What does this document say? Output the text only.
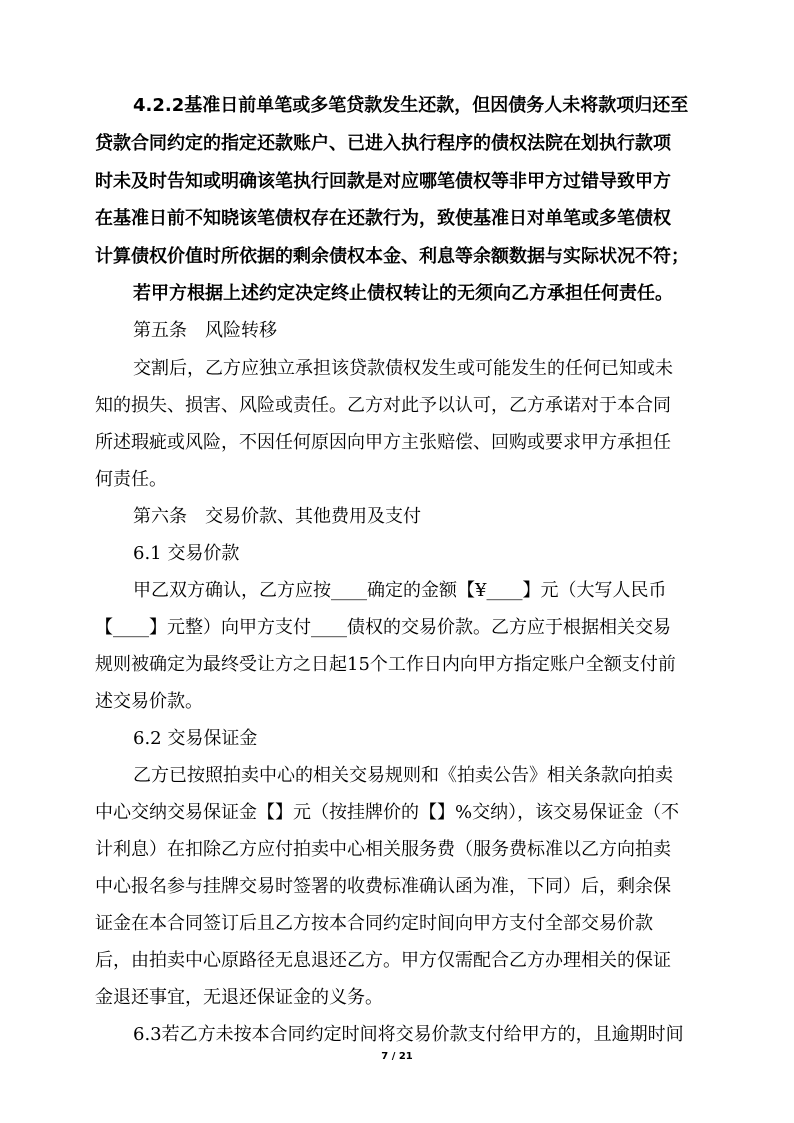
4.2.2基准日前单笔或多笔贷款发生还款，但因债务人未将款项归还至
贷款合同约定的指定还款账户、已进入执行程序的债权法院在划执行款项
时未及时告知或明确该笔执行回款是对应哪笔债权等非甲方过错导致甲方
在基准日前不知晓该笔债权存在还款行为，致使基准日对单笔或多笔债权
计算债权价值时所依据的剩余债权本金、利息等余额数据与实际状况不符；
若甲方根据上述约定决定终止债权转让的无须向乙方承担任何责任。
第五条　风险转移
交割后，乙方应独立承担该贷款债权发生或可能发生的任何已知或未
知的损失、损害、风险或责任。乙方对此予以认可，乙方承诺对于本合同
所述瑕疵或风险，不因任何原因向甲方主张赔偿、回购或要求甲方承担任
何责任。
第六条　交易价款、其他费用及支付
6.1 交易价款
甲乙双方确认，乙方应按____确定的金额【¥____】元（大写人民币
【____】元整）向甲方支付____债权的交易价款。乙方应于根据相关交易
规则被确定为最终受让方之日起15个工作日内向甲方指定账户全额支付前
述交易价款。
6.2 交易保证金
乙方已按照拍卖中心的相关交易规则和《拍卖公告》相关条款向拍卖
中心交纳交易保证金【】元（按挂牌价的【】%交纳），该交易保证金（不
计利息）在扣除乙方应付拍卖中心相关服务费（服务费标准以乙方向拍卖
中心报名参与挂牌交易时签署的收费标准确认函为准，下同）后，剩余保
证金在本合同签订后且乙方按本合同约定时间向甲方支付全部交易价款
后，由拍卖中心原路径无息退还乙方。甲方仅需配合乙方办理相关的保证
金退还事宜，无退还保证金的义务。
6.3若乙方未按本合同约定时间将交易价款支付给甲方的，且逾期时间
7 / 21
